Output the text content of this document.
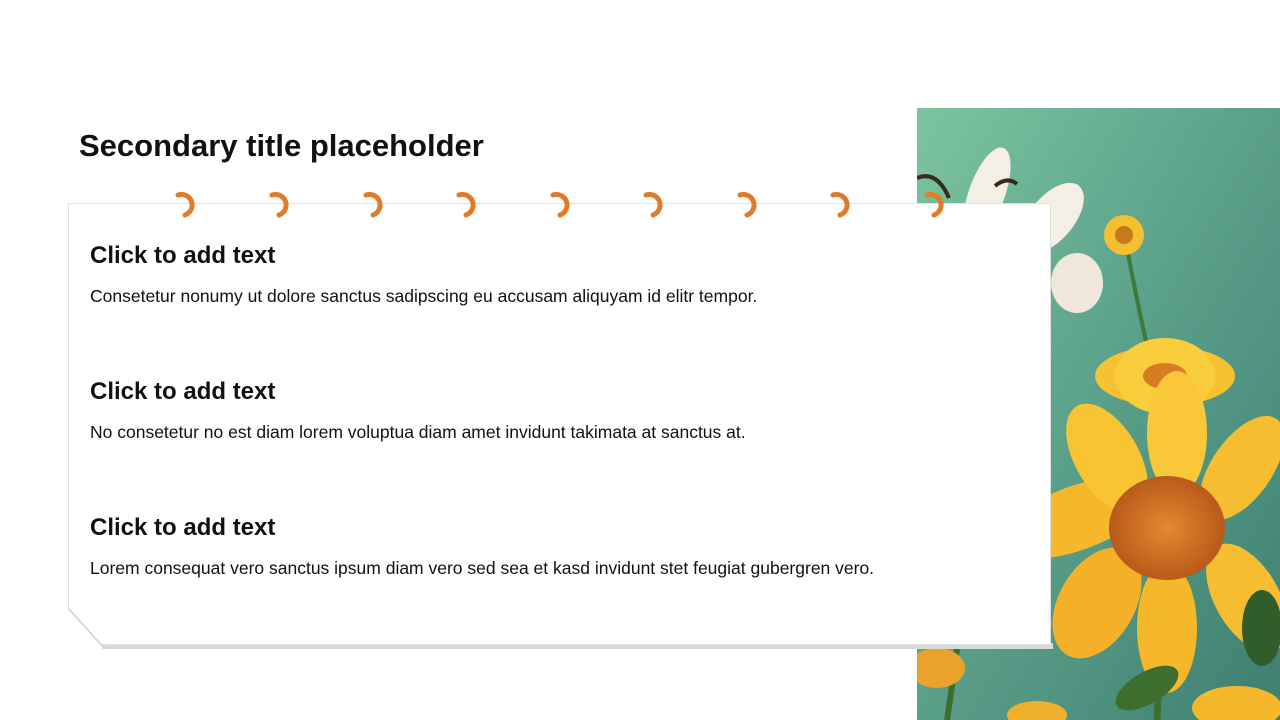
Secondary title placeholder
Click to add text

Consetetur nonumy ut dolore sanctus sadipscing eu accusam aliquyam id elitr tempor.

Click to add text

No consetetur no est diam lorem voluptua diam amet invidunt takimata at sanctus at.

Click to add text

Lorem consequat vero sanctus ipsum diam vero sed sea et kasd invidunt stet feugiat gubergren vero.
